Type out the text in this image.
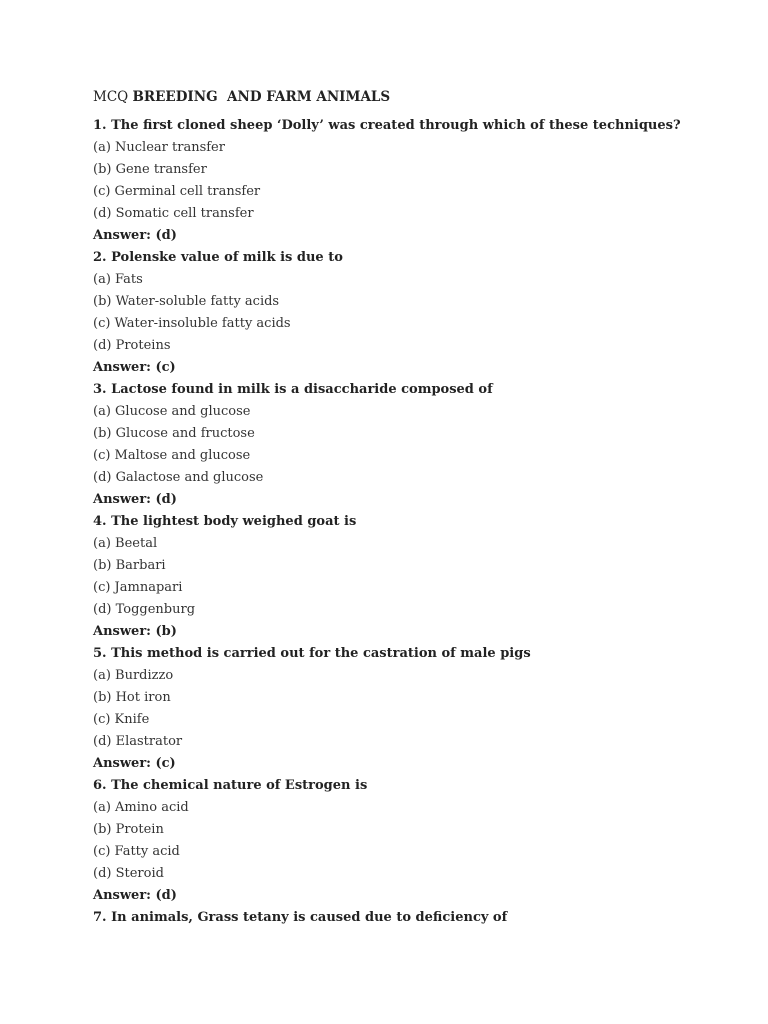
MCQ BREEDING  AND FARM ANIMALS
1. The first cloned sheep ‘Dolly’ was created through which of these techniques?
(a) Nuclear transfer
(b) Gene transfer
(c) Germinal cell transfer
(d) Somatic cell transfer
Answer: (d)
2. Polenske value of milk is due to
(a) Fats
(b) Water-soluble fatty acids
(c) Water-insoluble fatty acids
(d) Proteins
Answer: (c)
3. Lactose found in milk is a disaccharide composed of
(a) Glucose and glucose
(b) Glucose and fructose
(c) Maltose and glucose
(d) Galactose and glucose
Answer: (d)
4. The lightest body weighed goat is
(a) Beetal
(b) Barbari
(c) Jamnapari
(d) Toggenburg
Answer: (b)
5. This method is carried out for the castration of male pigs
(a) Burdizzo
(b) Hot iron
(c) Knife
(d) Elastrator
Answer: (c)
6. The chemical nature of Estrogen is
(a) Amino acid
(b) Protein
(c) Fatty acid
(d) Steroid
Answer: (d)
7. In animals, Grass tetany is caused due to deficiency of
